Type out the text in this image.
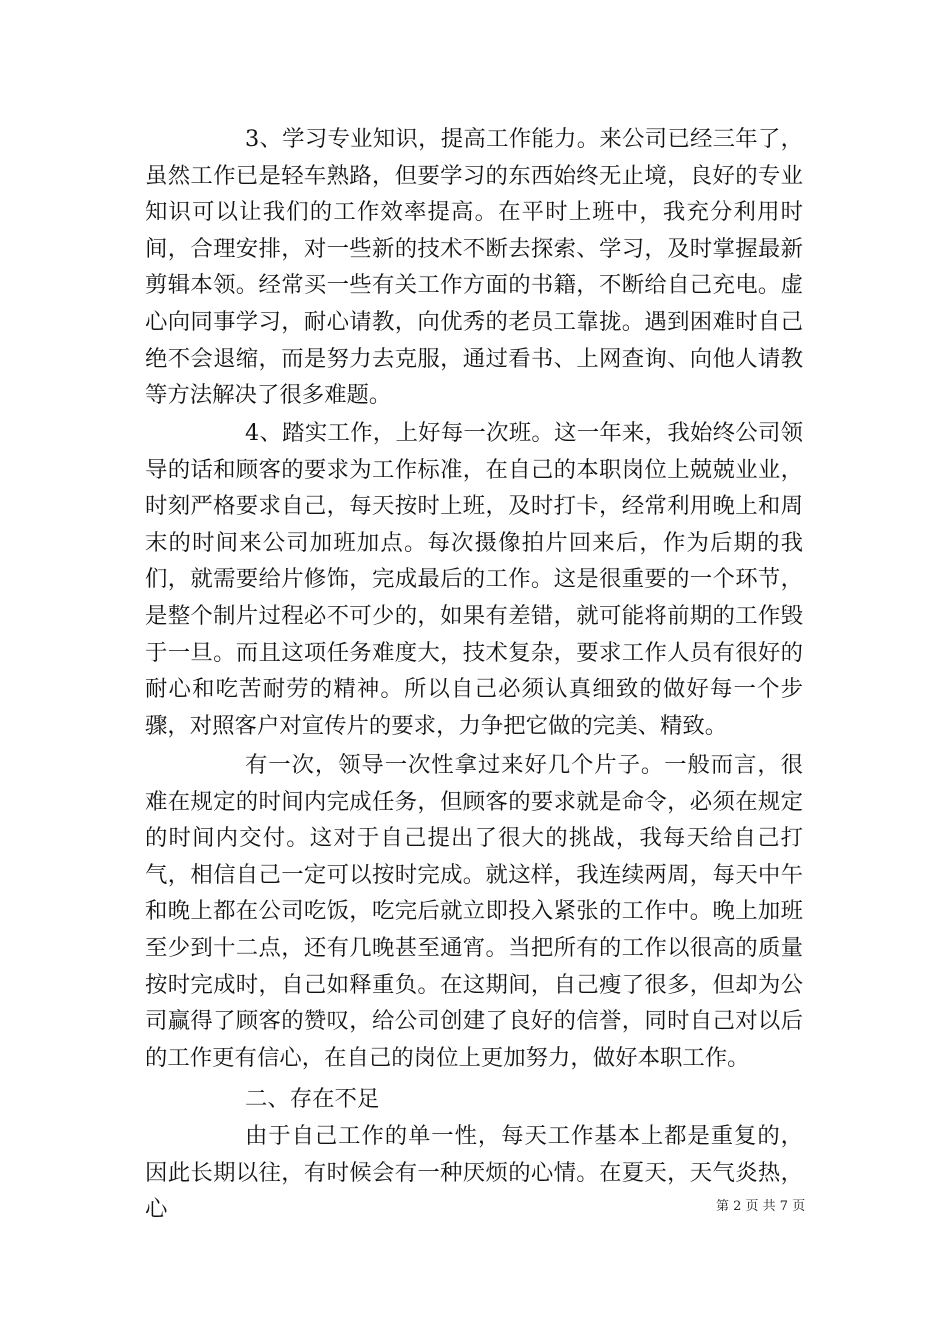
3、学习专业知识，提高工作能力。来公司已经三年了，虽然工作已是轻车熟路，但要学习的东西始终无止境，良好的专业知识可以让我们的工作效率提高。在平时上班中，我充分利用时间，合理安排，对一些新的技术不断去探索、学习，及时掌握最新剪辑本领。经常买一些有关工作方面的书籍，不断给自己充电。虚心向同事学习，耐心请教，向优秀的老员工靠拢。遇到困难时自己绝不会退缩，而是努力去克服，通过看书、上网查询、向他人请教等方法解决了很多难题。

4、踏实工作，上好每一次班。这一年来，我始终公司领导的话和顾客的要求为工作标准，在自己的本职岗位上兢兢业业，时刻严格要求自己，每天按时上班，及时打卡，经常利用晚上和周末的时间来公司加班加点。每次摄像拍片回来后，作为后期的我们，就需要给片修饰，完成最后的工作。这是很重要的一个环节，是整个制片过程必不可少的，如果有差错，就可能将前期的工作毁于一旦。而且这项任务难度大，技术复杂，要求工作人员有很好的耐心和吃苦耐劳的精神。所以自己必须认真细致的做好每一个步骤，对照客户对宣传片的要求，力争把它做的完美、精致。

有一次，领导一次性拿过来好几个片子。一般而言，很难在规定的时间内完成任务，但顾客的要求就是命令，必须在规定的时间内交付。这对于自己提出了很大的挑战，我每天给自己打气，相信自己一定可以按时完成。就这样，我连续两周，每天中午和晚上都在公司吃饭，吃完后就立即投入紧张的工作中。晚上加班至少到十二点，还有几晚甚至通宵。当把所有的工作以很高的质量按时完成时，自己如释重负。在这期间，自己瘦了很多，但却为公司赢得了顾客的赞叹，给公司创建了良好的信誉，同时自己对以后的工作更有信心，在自己的岗位上更加努力，做好本职工作。

二、存在不足

由于自己工作的单一性，每天工作基本上都是重复的，因此长期以往，有时候会有一种厌烦的心情。在夏天，天气炎热，心	第 2 页 共 7 页
